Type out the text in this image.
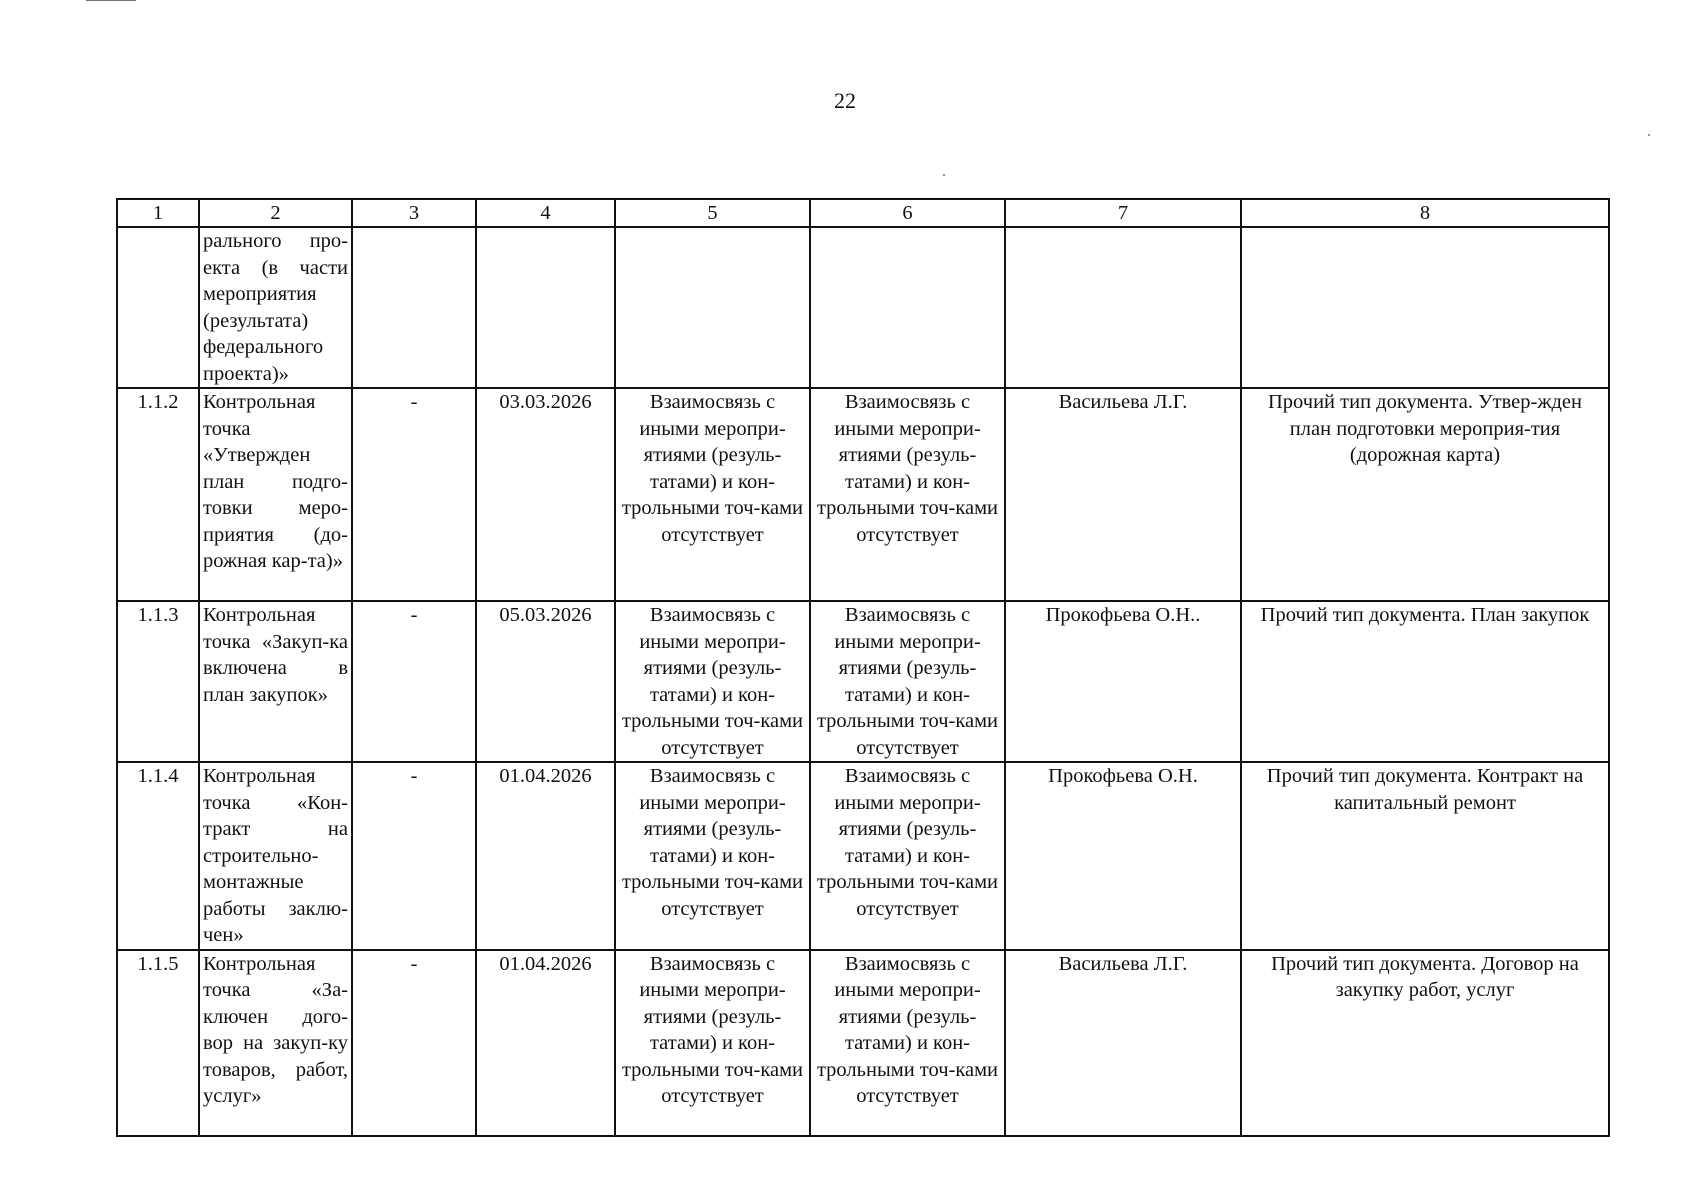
22
1	2	3	4	5	6	7	8
	рального про-екта (в части мероприятия (результата) федерального проекта)»						
1.1.2	Контрольная точка «Утвержден план подго-товки меро-приятия (до-рожная кар-та)»	-	03.03.2026	Взаимосвязь с иными меропри-ятиями (резуль-татами) и кон-трольными точ-ками отсутствует	Взаимосвязь с иными меропри-ятиями (резуль-татами) и кон-трольными точ-ками отсутствует	Васильева Л.Г.	Прочий тип документа. Утвер-жден план подготовки мероприя-тия (дорожная карта)
1.1.3	Контрольная точка «Закуп-ка включена в план закупок»	-	05.03.2026	Взаимосвязь с иными меропри-ятиями (резуль-татами) и кон-трольными точ-ками отсутствует	Взаимосвязь с иными меропри-ятиями (резуль-татами) и кон-трольными точ-ками отсутствует	Прокофьева О.Н..	Прочий тип документа. План закупок
1.1.4	Контрольная точка «Кон-тракт на строительно-монтажные работы заклю-чен»	-	01.04.2026	Взаимосвязь с иными меропри-ятиями (резуль-татами) и кон-трольными точ-ками отсутствует	Взаимосвязь с иными меропри-ятиями (резуль-татами) и кон-трольными точ-ками отсутствует	Прокофьева О.Н.	Прочий тип документа. Контракт на капитальный ремонт
1.1.5	Контрольная точка «За-ключен дого-вор на закуп-ку товаров, работ, услуг»	-	01.04.2026	Взаимосвязь с иными меропри-ятиями (резуль-татами) и кон-трольными точ-ками отсутствует	Взаимосвязь с иными меропри-ятиями (резуль-татами) и кон-трольными точ-ками отсутствует	Васильева Л.Г.	Прочий тип документа. Договор на закупку работ, услуг
